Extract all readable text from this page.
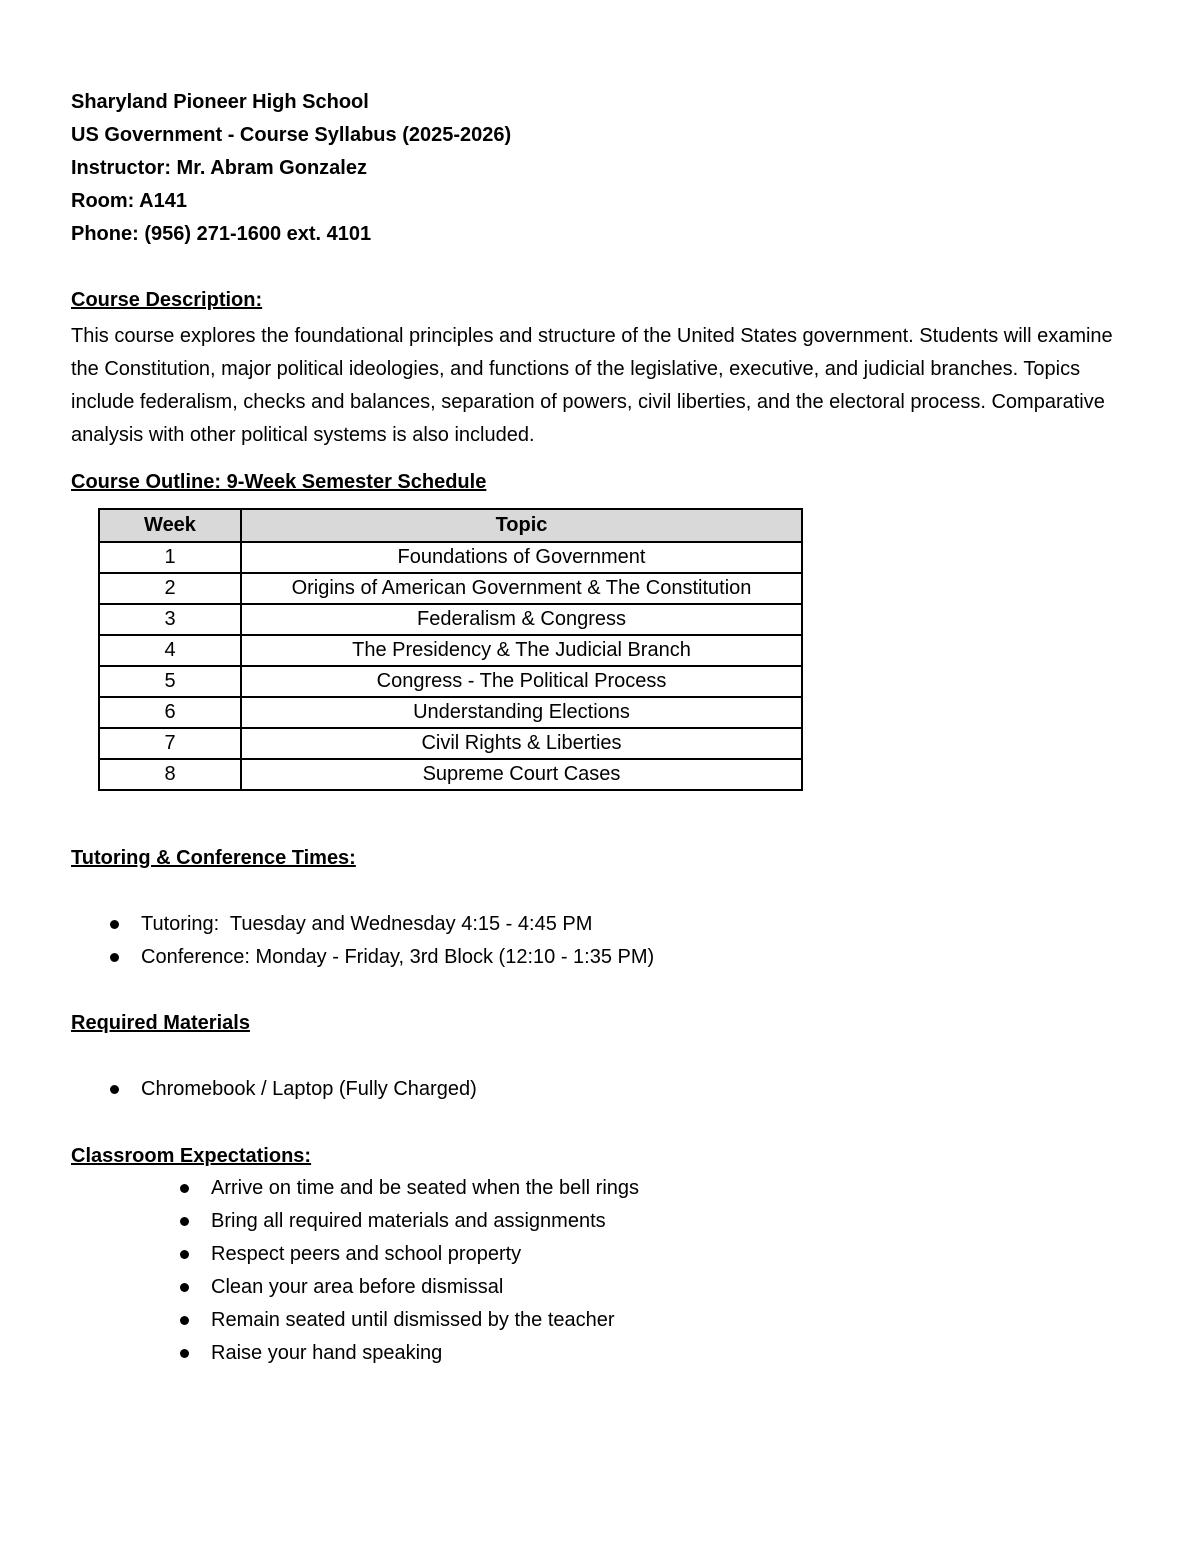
Sharyland Pioneer High School
US Government - Course Syllabus (2025-2026)
Instructor: Mr. Abram Gonzalez
Room: A141
Phone: (956) 271-1600 ext. 4101
Course Description:

This course explores the foundational principles and structure of the United States government. Students will examine the Constitution, major political ideologies, and functions of the legislative, executive, and judicial branches. Topics include federalism, checks and balances, separation of powers, civil liberties, and the electoral process. Comparative analysis with other political systems is also included.

Course Outline: 9-Week Semester Schedule
Week	Topic
1	Foundations of Government
2	Origins of American Government & The Constitution
3	Federalism & Congress
4	The Presidency & The Judicial Branch
5	Congress - The Political Process
6	Understanding Elections
7	Civil Rights & Liberties
8	Supreme Court Cases
Tutoring & Conference Times:
Tutoring:  Tuesday and Wednesday 4:15 - 4:45 PM
Conference: Monday - Friday, 3rd Block (12:10 - 1:35 PM)
Required Materials
Chromebook / Laptop (Fully Charged)
Classroom Expectations:
Arrive on time and be seated when the bell rings
Bring all required materials and assignments
Respect peers and school property
Clean your area before dismissal
Remain seated until dismissed by the teacher
Raise your hand speaking
